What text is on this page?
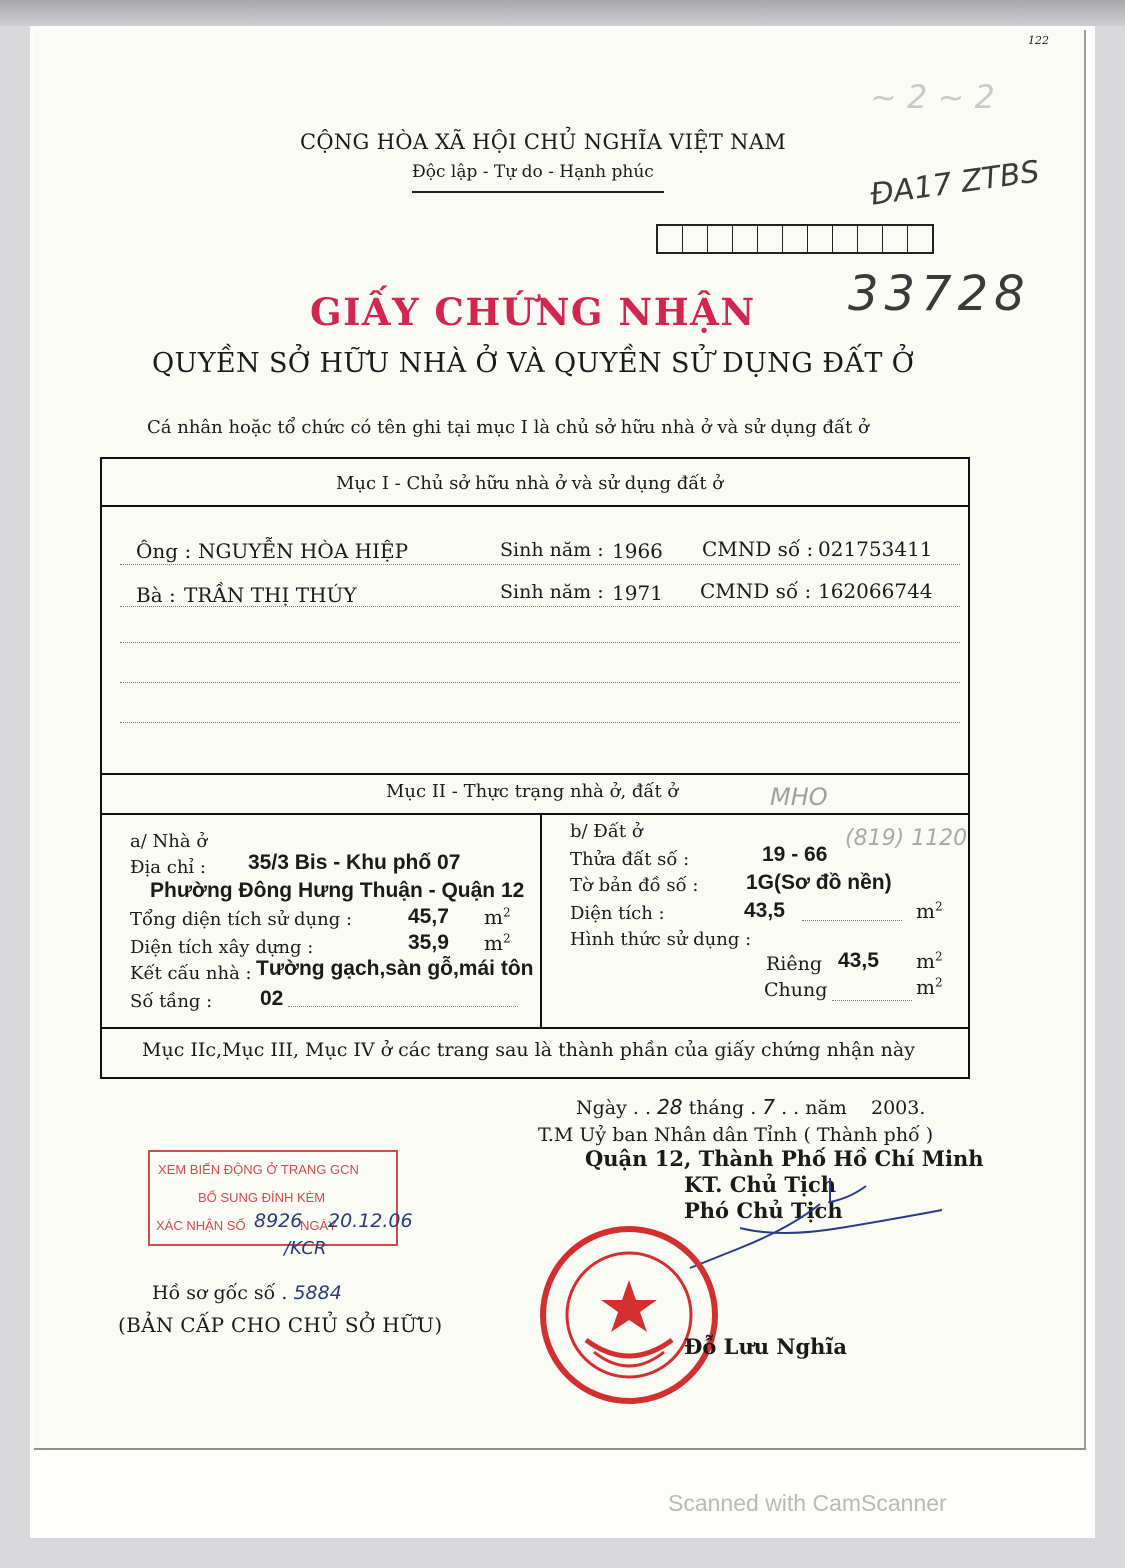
122
~ 2 ~ 2
CỘNG HÒA XÃ HỘI CHỦ NGHĨA VIỆT NAM
Độc lập - Tự do - Hạnh phúc	ĐA17 ZTBS
33728
GIẤY CHỨNG NHẬN
QUYỀN SỞ HỮU NHÀ Ở VÀ QUYỀN SỬ DỤNG ĐẤT Ở
Cá nhân hoặc tổ chức có tên ghi tại mục I là chủ sở hữu nhà ở và sử dụng đất ở
Mục I - Chủ sở hữu nhà ở và sử dụng đất ở
Ông : NGUYỄN HÒA HIỆP	Sinh năm : 1966 CMND số : 021753411
Bà : TRẦN THỊ THÚY	Sinh năm : 1971 CMND số : 162066744
Mục II - Thực trạng nhà ở, đất ở
a/ Nhà ở
Địa chỉ : 35/3 Bis - Khu phố 07
Phường Đông Hưng Thuận - Quận 12
Tổng diện tích sử dụng :	45,7 $m^2$
Diện tích xây dựng :	35,9 $m^2$
Kết cấu nhà : Tường gạch,sàn gỗ,mái tôn
Số tầng : 02
b/ Đất ở
Thửa đất số :	19 - 66
Tờ bản đồ số : 1G(Sơ đồ nền)
Diện tích :	43,5	$m^2$
Hình thức sử dụng :
Riêng 43,5 $m^2$
Chung	$m^2$
Mục IIc,Mục III, Mục IV ở các trang sau là thành phần của giấy chứng nhận này
MHO
(819) 1120
Ngày . . 28 tháng . 7 . . năm 2003.
T.M Uỷ ban Nhân dân Tỉnh ( Thành phố )
Quận 12, Thành Phố Hồ Chí Minh
KT. Chủ Tịch
Phó Chủ Tịch
Đỗ Lưu Nghĩa
XEM BIẾN ĐỘNG Ở TRANG GCN
BỔ SUNG ĐÍNH KÈM
XÁC NHẬN SỐ 8926
NGÀY
20.12.06
/KCR
Hồ sơ gốc số . 5884
(BẢN CẤP CHO CHỦ SỞ HỮU)
Scanned with CamScanner
